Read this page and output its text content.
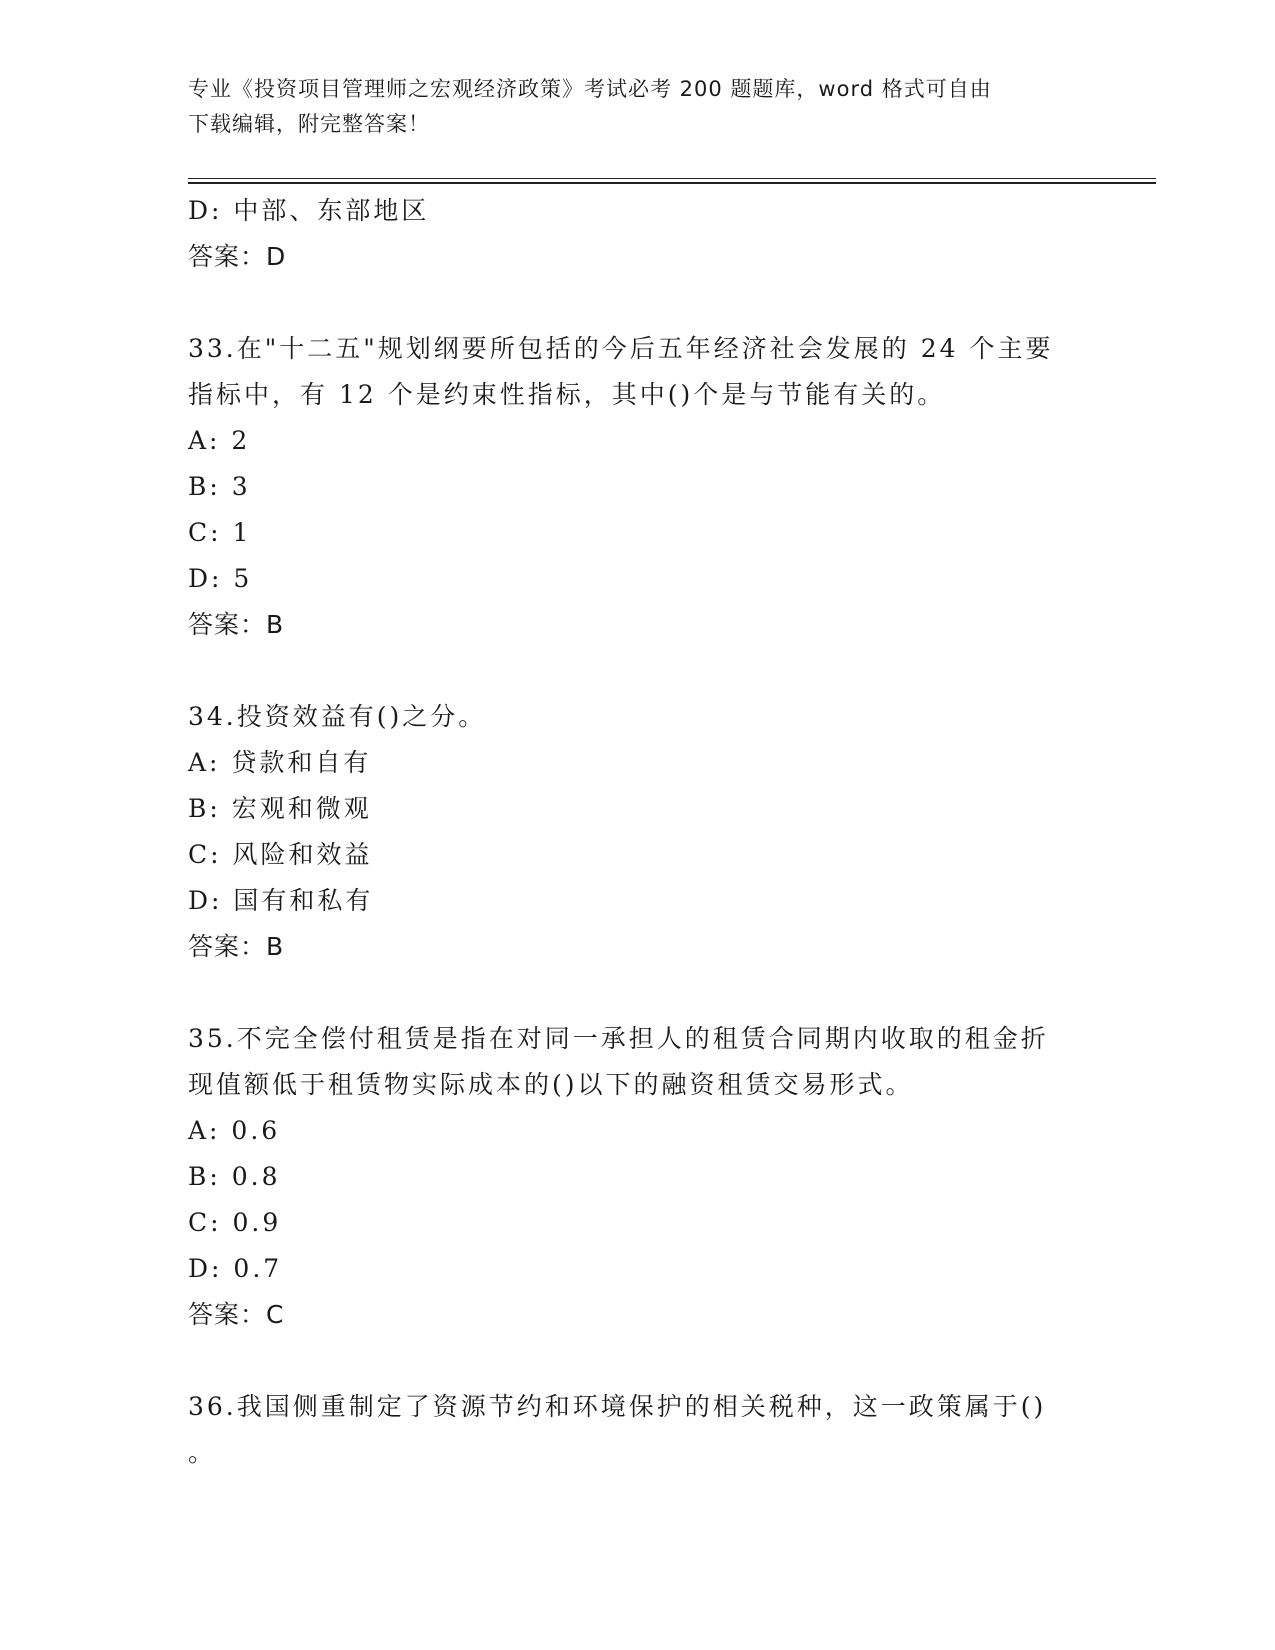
专业《投资项目管理师之宏观经济政策》考试必考 200 题题库，word 格式可自由
下载编辑，附完整答案！
D: 中部、东部地区
答案：D
33.在"十二五"规划纲要所包括的今后五年经济社会发展的 24 个主要
指标中，有 12 个是约束性指标，其中()个是与节能有关的。
A: 2
B: 3
C: 1
D: 5
答案：B
34.投资效益有()之分。
A: 贷款和自有
B: 宏观和微观
C: 风险和效益
D: 国有和私有
答案：B
35.不完全偿付租赁是指在对同一承担人的租赁合同期内收取的租金折
现值额低于租赁物实际成本的()以下的融资租赁交易形式。
A: 0.6
B: 0.8
C: 0.9
D: 0.7
答案：C
36.我国侧重制定了资源节约和环境保护的相关税种，这一政策属于()
。
